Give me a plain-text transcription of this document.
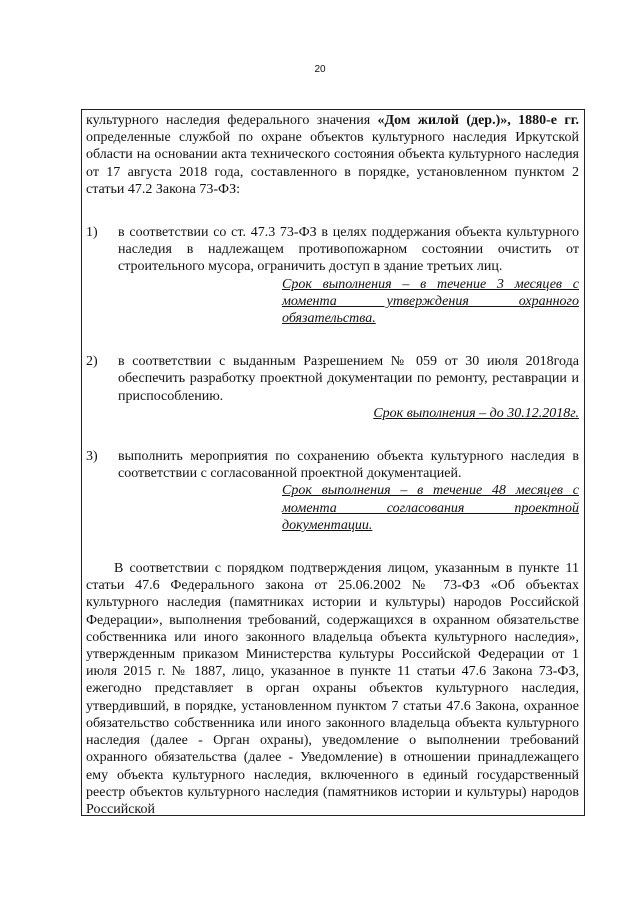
20

культурного наследия федерального значения «Дом жилой (дер.)», 1880-е гг. определенные службой по охране объектов культурного наследия Иркутской области на основании акта технического состояния объекта культурного наследия от 17 августа 2018 года, составленного в порядке, установленном пунктом 2 статьи 47.2 Закона 73-ФЗ:

1) в соответствии со ст. 47.3 73-ФЗ в целях поддержания объекта культурного наследия в надлежащем противопожарном состоянии очистить от строительного мусора, ограничить доступ в здание третьих лиц.
Срок выполнения – в течение 3 месяцев с момента утверждения охранного обязательства.
2) в соответствии с выданным Разрешением № 059 от 30 июля 2018года обеспечить разработку проектной документации по ремонту, реставрации и приспособлению.
Срок выполнения – до 30.12.2018г.
3) выполнить мероприятия по сохранению объекта культурного наследия в соответствии с согласованной проектной документацией.
Срок выполнения – в течение 48 месяцев с момента согласования проектной документации.

В соответствии с порядком подтверждения лицом, указанным в пункте 11 статьи 47.6 Федерального закона от 25.06.2002 № 73-ФЗ «Об объектах культурного наследия (памятниках истории и культуры) народов Российской Федерации», выполнения требований, содержащихся в охранном обязательстве собственника или иного законного владельца объекта культурного наследия», утвержденным приказом Министерства культуры Российской Федерации от 1 июля 2015 г. № 1887, лицо, указанное в пункте 11 статьи 47.6 Закона 73-ФЗ, ежегодно представляет в орган охраны объектов культурного наследия, утвердивший, в порядке, установленном пунктом 7 статьи 47.6 Закона, охранное обязательство собственника или иного законного владельца объекта культурного наследия (далее - Орган охраны), уведомление о выполнении требований охранного обязательства (далее - Уведомление) в отношении принадлежащего ему объекта культурного наследия, включенного в единый государственный реестр объектов культурного наследия (памятников истории и культуры) народов Российской
